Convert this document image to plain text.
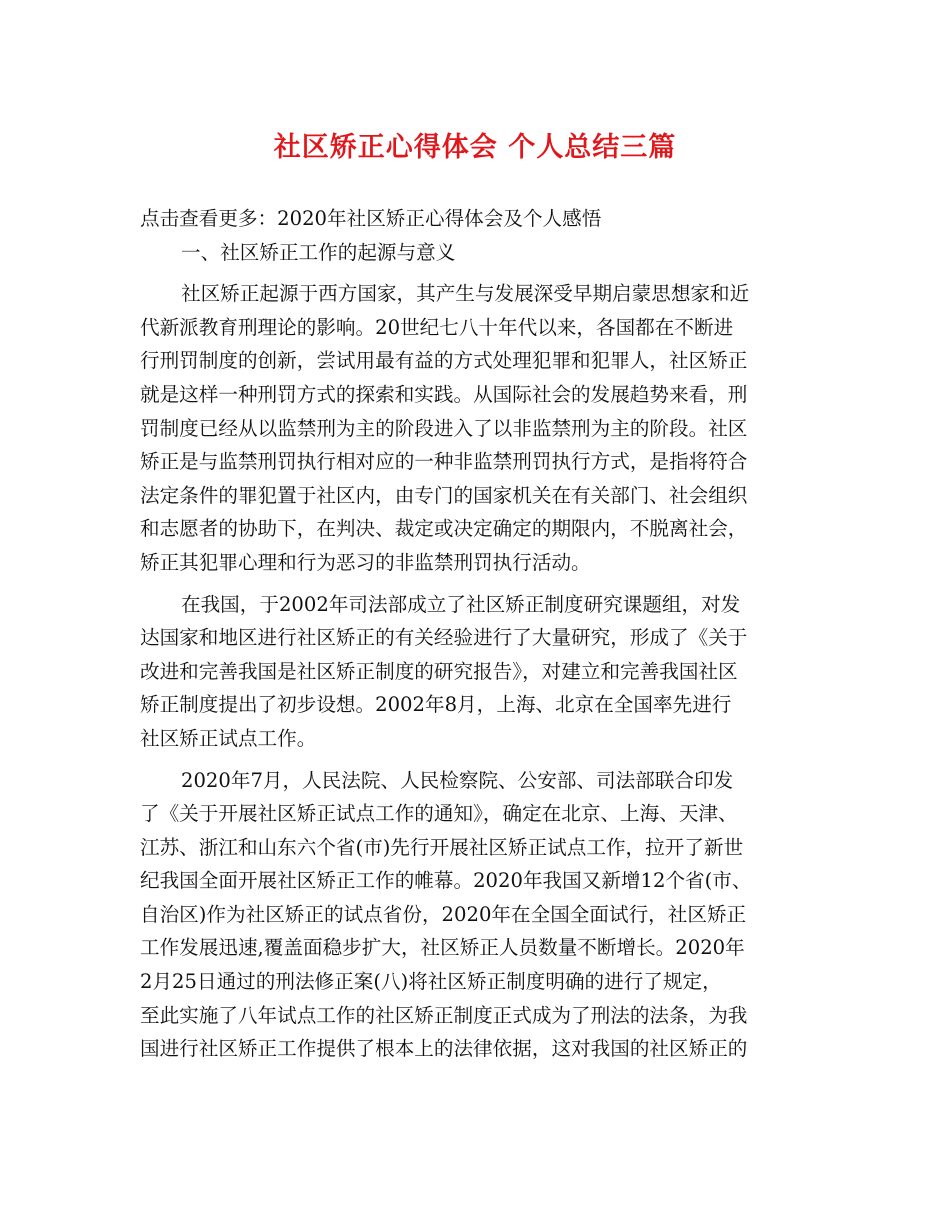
社区矫正心得体会 个人总结三篇
点击查看更多：2020年社区矫正心得体会及个人感悟
一、社区矫正工作的起源与意义
社区矫正起源于西方国家，其产生与发展深受早期启蒙思想家和近
代新派教育刑理论的影响。20世纪七八十年代以来，各国都在不断进
行刑罚制度的创新，尝试用最有益的方式处理犯罪和犯罪人，社区矫正
就是这样一种刑罚方式的探索和实践。从国际社会的发展趋势来看，刑
罚制度已经从以监禁刑为主的阶段进入了以非监禁刑为主的阶段。社区
矫正是与监禁刑罚执行相对应的一种非监禁刑罚执行方式，是指将符合
法定条件的罪犯置于社区内，由专门的国家机关在有关部门、社会组织
和志愿者的协助下，在判决、裁定或决定确定的期限内，不脱离社会，
矫正其犯罪心理和行为恶习的非监禁刑罚执行活动。
在我国，于2002年司法部成立了社区矫正制度研究课题组，对发
达国家和地区进行社区矫正的有关经验进行了大量研究，形成了《关于
改进和完善我国是社区矫正制度的研究报告》，对建立和完善我国社区
矫正制度提出了初步设想。2002年8月，上海、北京在全国率先进行
社区矫正试点工作。
2020年7月，人民法院、人民检察院、公安部、司法部联合印发
了《关于开展社区矫正试点工作的通知》，确定在北京、上海、天津、
江苏、浙江和山东六个省(市)先行开展社区矫正试点工作，拉开了新世
纪我国全面开展社区矫正工作的帷幕。2020年我国又新增12个省(市、
自治区)作为社区矫正的试点省份，2020年在全国全面试行，社区矫正
工作发展迅速,覆盖面稳步扩大，社区矫正人员数量不断增长。2020年
2月25日通过的刑法修正案(八)将社区矫正制度明确的进行了规定，
至此实施了八年试点工作的社区矫正制度正式成为了刑法的法条，为我
国进行社区矫正工作提供了根本上的法律依据，这对我国的社区矫正的
